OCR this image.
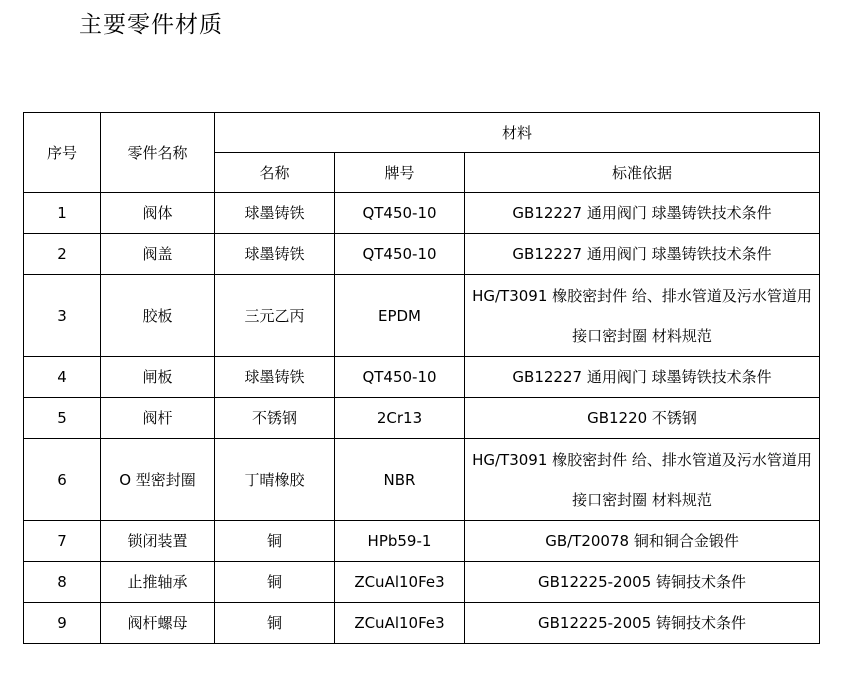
主要零件材质
序号	零件名称	材料		
		名称	牌号	标准依据
1	阀体	球墨铸铁	QT450-10	GB12227 通用阀门 球墨铸铁技术条件
2	阀盖	球墨铸铁	QT450-10	GB12227 通用阀门 球墨铸铁技术条件
3	胶板	三元乙丙	EPDM	HG/T3091 橡胶密封件 给、排水管道及污水管道用接口密封圈 材料规范
4	闸板	球墨铸铁	QT450-10	GB12227 通用阀门 球墨铸铁技术条件
5	阀杆	不锈钢	2Cr13	GB1220 不锈钢
6	O 型密封圈	丁晴橡胶	NBR	HG/T3091 橡胶密封件 给、排水管道及污水管道用接口密封圈 材料规范
7	锁闭装置	铜	HPb59-1	GB/T20078 铜和铜合金锻件
8	止推轴承	铜	ZCuAl10Fe3	GB12225-2005 铸铜技术条件
9	阀杆螺母	铜	ZCuAl10Fe3	GB12225-2005 铸铜技术条件
